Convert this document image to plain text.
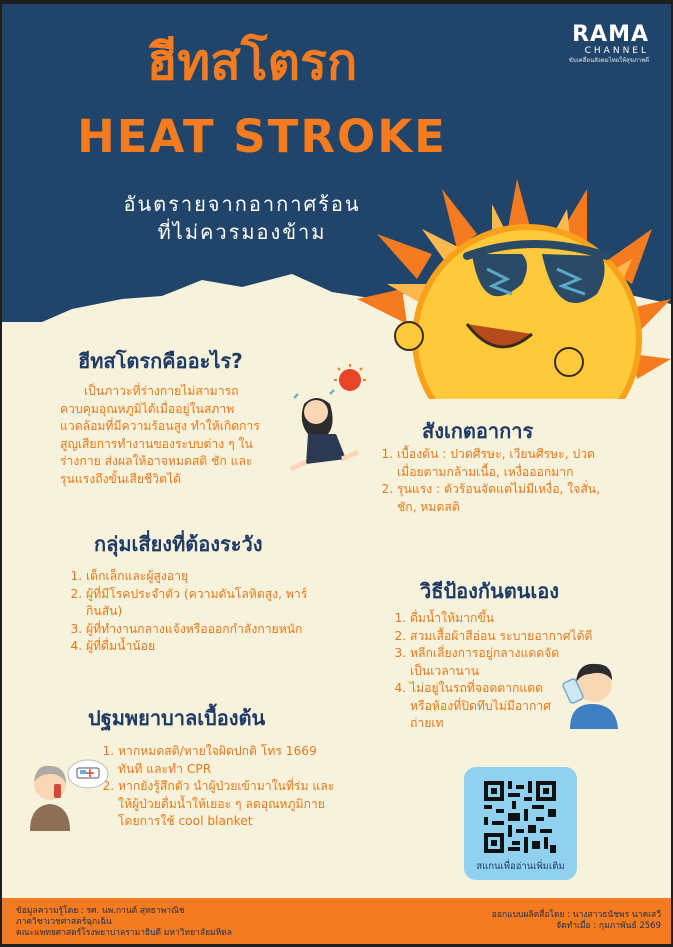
RAMA
CHANNEL
ขับเคลื่อนสังคมไทยให้สุขภาพดี
ฮีทสโตรก
HEAT STROKE
อันตรายจากอากาศร้อน
ที่ไม่ควรมองข้าม
ฮีทสโตรกคืออะไร?
เป็นภาวะที่ร่างกายไม่สามารถควบคุมอุณหภูมิได้เมื่ออยู่ในสภาพแวดล้อมที่มีความร้อนสูง ทำให้เกิดการสูญเสียการทำงานของระบบต่าง ๆ ในร่างกาย ส่งผลให้อาจหมดสติ ชัก และรุนแรงถึงขั้นเสียชีวิตได้
สังเกตอาการ
1. เบื้องต้น : ปวดศีรษะ, เวียนศีรษะ, ปวดเมื่อยตามกล้ามเนื้อ, เหงื่อออกมาก
2. รุนแรง : ตัวร้อนจัดแต่ไม่มีเหงื่อ, ใจสั่น, ชัก, หมดสติ
กลุ่มเสี่ยงที่ต้องระวัง
1. เด็กเล็กและผู้สูงอายุ
2. ผู้ที่มีโรคประจำตัว (ความดันโลหิตสูง, พาร์กินสัน)
3. ผู้ที่ทำงานกลางแจ้งหรือออกกำลังกายหนัก
4. ผู้ที่ดื่มน้ำน้อย
วิธีป้องกันตนเอง
1. ดื่มน้ำให้มากขึ้น
2. สวมเสื้อผ้าสีอ่อน ระบายอากาศได้ดี
3. หลีกเลี่ยงการอยู่กลางแดดจัดเป็นเวลานาน
4. ไม่อยู่ในรถที่จอดตากแดดหรือห้องที่ปิดทึบไม่มีอากาศถ่ายเท
ปฐมพยาบาลเบื้องต้น
1. หากหมดสติ/หายใจผิดปกติ โทร 1669 ทันที และทำ CPR
2. หากยังรู้สึกตัว นำผู้ป่วยเข้ามาในที่ร่ม และให้ผู้ป่วยดื่มน้ำให้เยอะ ๆ ลดอุณหภูมิกายโดยการใช้ cool blanket
สแกนเพื่ออ่านเพิ่มเติม
ข้อมูลความรู้โดย : รศ. นพ.กานต์ สุทธาพาณิช
ภาควิชาเวชศาสตร์ฉุกเฉิน
คณะแพทยศาสตร์โรงพยาบาลรามาธิบดี มหาวิทยาลัยมหิดล
ออกแบบผลิตสื่อโดย : นางสาวธนัชพร นาคเสวี
จัดทำเมื่อ : กุมภาพันธ์ 2569
